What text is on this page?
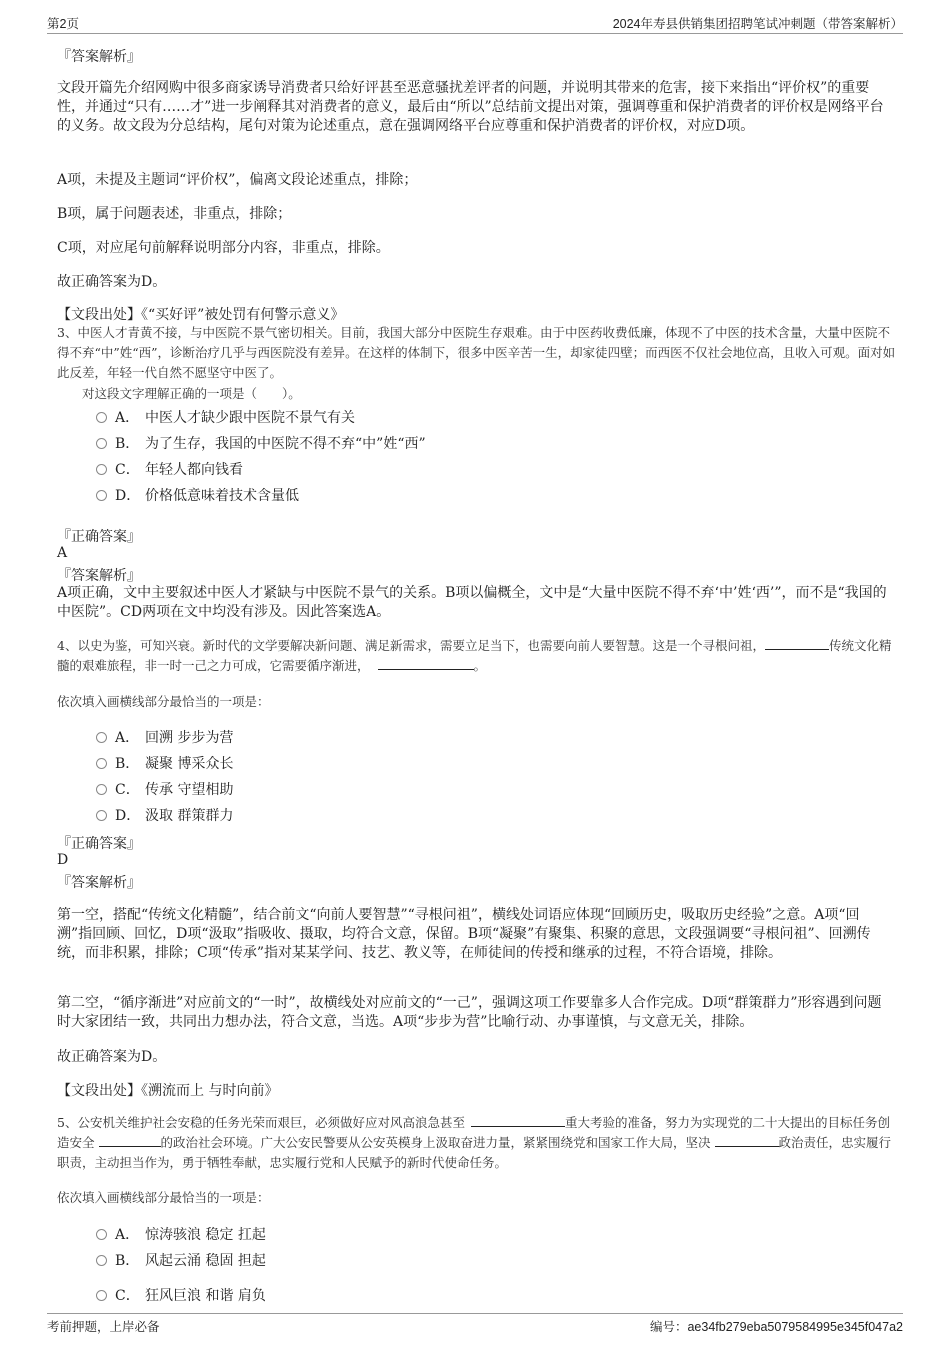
第2页	2024年寿县供销集团招聘笔试冲刺题（带答案解析）
『答案解析』
文段开篇先介绍网购中很多商家诱导消费者只给好评甚至恶意骚扰差评者的问题，并说明其带来的危害，接下来指出“评价权”的重要性，并通过“只有……才”进一步阐释其对消费者的意义，最后由“所以”总结前文提出对策，强调尊重和保护消费者的评价权是网络平台的义务。故文段为分总结构，尾句对策为论述重点，意在强调网络平台应尊重和保护消费者的评价权，对应D项。
A项，未提及主题词“评价权”，偏离文段论述重点，排除；
B项，属于问题表述，非重点，排除；
C项，对应尾句前解释说明部分内容，非重点，排除。
故正确答案为D。
【文段出处】《“买好评”被处罚有何警示意义》
3、中医人才青黄不接，与中医院不景气密切相关。目前，我国大部分中医院生存艰难。由于中医药收费低廉，体现不了中医的技术含量，大量中医院不得不弃“中”姓“西”，诊断治疗几乎与西医院没有差异。在这样的体制下，很多中医辛苦一生，却家徒四壁；而西医不仅社会地位高，且收入可观。面对如此反差，年轻一代自然不愿坚守中医了。
对这段文字理解正确的一项是（　　）。
A． 中医人才缺少跟中医院不景气有关
B． 为了生存，我国的中医院不得不弃“中”姓“西”
C． 年轻人都向钱看
D． 价格低意味着技术含量低
『正确答案』
A
『答案解析』
A项正确，文中主要叙述中医人才紧缺与中医院不景气的关系。B项以偏概全，文中是“大量中医院不得不弃‘中’姓‘西’”，而不是“我国的中医院”。CD两项在文中均没有涉及。因此答案选A。
4、以史为鉴，可知兴衰。新时代的文学要解决新问题、满足新需求，需要立足当下，也需要向前人要智慧。这是一个寻根问祖，	传统文化精髓的艰难旅程，非一时一己之力可成，它需要循序渐进，	。
依次填入画横线部分最恰当的一项是：
A． 回溯 步步为营
B． 凝聚 博采众长
C． 传承 守望相助
D． 汲取 群策群力
『正确答案』
D
『答案解析』
第一空，搭配“传统文化精髓”，结合前文“向前人要智慧”“寻根问祖”，横线处词语应体现“回顾历史，吸取历史经验”之意。A项“回溯”指回顾、回忆，D项“汲取”指吸收、摄取，均符合文意，保留。B项“凝聚”有聚集、积聚的意思，文段强调要“寻根问祖”、回溯传统，而非积累，排除；C项“传承”指对某某学问、技艺、教义等，在师徒间的传授和继承的过程，不符合语境，排除。
第二空，“循序渐进”对应前文的“一时”，故横线处对应前文的“一己”，强调这项工作要靠多人合作完成。D项“群策群力”形容遇到问题时大家团结一致，共同出力想办法，符合文意，当选。A项“步步为营”比喻行动、办事谨慎，与文意无关，排除。
故正确答案为D。
【文段出处】《溯流而上 与时向前》
5、公安机关维护社会安稳的任务光荣而艰巨，必须做好应对风高浪急甚至	重大考验的准备，努力为实现党的二十大提出的目标任务创造安全	的政治社会环境。广大公安民警要从公安英模身上汲取奋进力量，紧紧围绕党和国家工作大局，坚决	政治责任，忠实履行职责，主动担当作为，勇于牺牲奉献，忠实履行党和人民赋予的新时代使命任务。
依次填入画横线部分最恰当的一项是：
A． 惊涛骇浪 稳定 扛起
B． 风起云涌 稳固 担起
C． 狂风巨浪 和谐 肩负
考前押题，上岸必备	编号：ae34fb279eba5079584995e345f047a2
